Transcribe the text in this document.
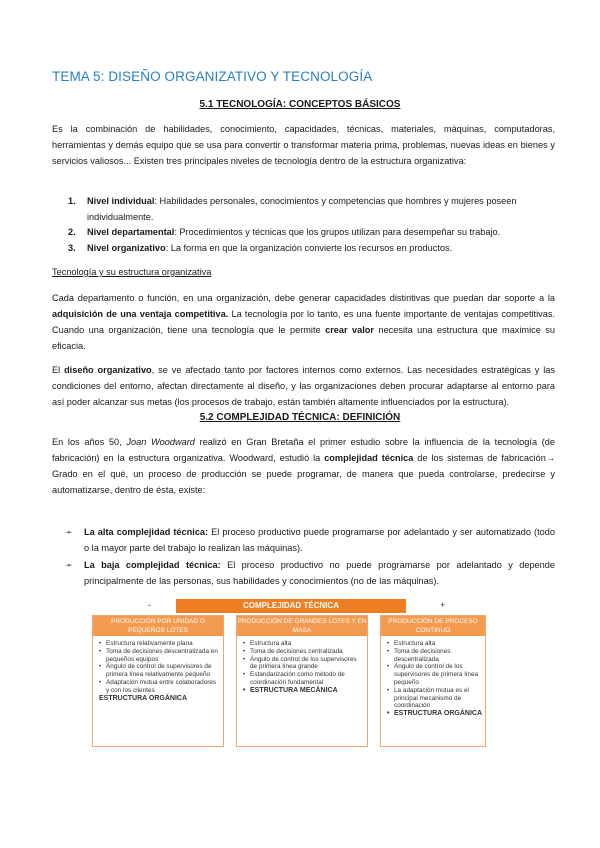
TEMA 5: DISEÑO ORGANIZATIVO Y TECNOLOGÍA
5.1 TECNOLOGÍA: CONCEPTOS BÁSICOS
Es la combinación de habilidades, conocimiento, capacidades, técnicas, materiales, máquinas, computadoras, herramientas y demás equipo que se usa para convertir o transformar materia prima, problemas, nuevas ideas en bienes y servicios valiosos... Existen tres principales niveles de tecnología dentro de la estructura organizativa:
1. Nivel individual: Habilidades personales, conocimientos y competencias que hombres y mujeres poseen individualmente.
2. Nivel departamental: Procedimientos y técnicas que los grupos utilizan para desempeñar su trabajo.
3. Nivel organizativo: La forma en que la organización convierte los recursos en productos.
Tecnología y su estructura organizativa
Cada departamento o función, en una organización, debe generar capacidades distintivas que puedan dar soporte a la adquisición de una ventaja competitiva. La tecnología por lo tanto, es una fuente importante de ventajas competitivas. Cuando una organización, tiene una tecnología que le permite crear valor necesita una estructura que maximice su eficacia.
El diseño organizativo, se ve afectado tanto por factores internos como externos. Las necesidades estratégicas y las condiciones del entorno, afectan directamente al diseño, y las organizaciones deben procurar adaptarse al entorno para así poder alcanzar sus metas (los procesos de trabajo, están también altamente influenciados por la estructura).
5.2 COMPLEJIDAD TÉCNICA: DEFINICIÓN
En los años 50, Joan Woodward realizó en Gran Bretaña el primer estudio sobre la influencia de la tecnología (de fabricación) en la estructura organizativa. Woodward, estudió la complejidad técnica de los sistemas de fabricación→ Grado en el qué, un proceso de producción se puede programar, de manera que pueda controlarse, predecirse y automatizarse, dentro de ésta, existe:
➛ La alta complejidad técnica: El proceso productivo puede programarse por adelantado y ser automatizado (todo o la mayor parte del trabajo lo realizan las máquinas).
➛ La baja complejidad técnica: El proceso productivo no puede programarse por adelantado y depende principalmente de las personas, sus habilidades y conocimientos (no de las máquinas).
-	COMPLEJIDAD TÉCNICA	+
PRODUCCIÓN POR UNIDAD O PEQUEÑOS LOTES
• Estructura relativamente plana
• Toma de decisiones descentralizada en pequeños equipos
• Ángulo de control de supervisores de primera línea relativamente pequeño
• Adaptación mutua entre colaboradores y con los clientes
ESTRUCTURA ORGÁNICA
PRODUCCIÓN DE GRANDES LOTES Y EN MASA
• Estructura alta
• Toma de decisiones centralizada
• Ángulo de control de los supervisores de primera línea grande
• Estandarización como método de coordinación fundamental
• ESTRUCTURA MECÁNICA
PRODUCCIÓN DE PROCESO CONTINUO
• Estructura alta
• Toma de decisiones descentralizada
• Ángulo de control de los supervisores de primera línea pequeño
• La adaptación mutua es el principal mecanismo de coordinación
• ESTRUCTURA ORGÁNICA
